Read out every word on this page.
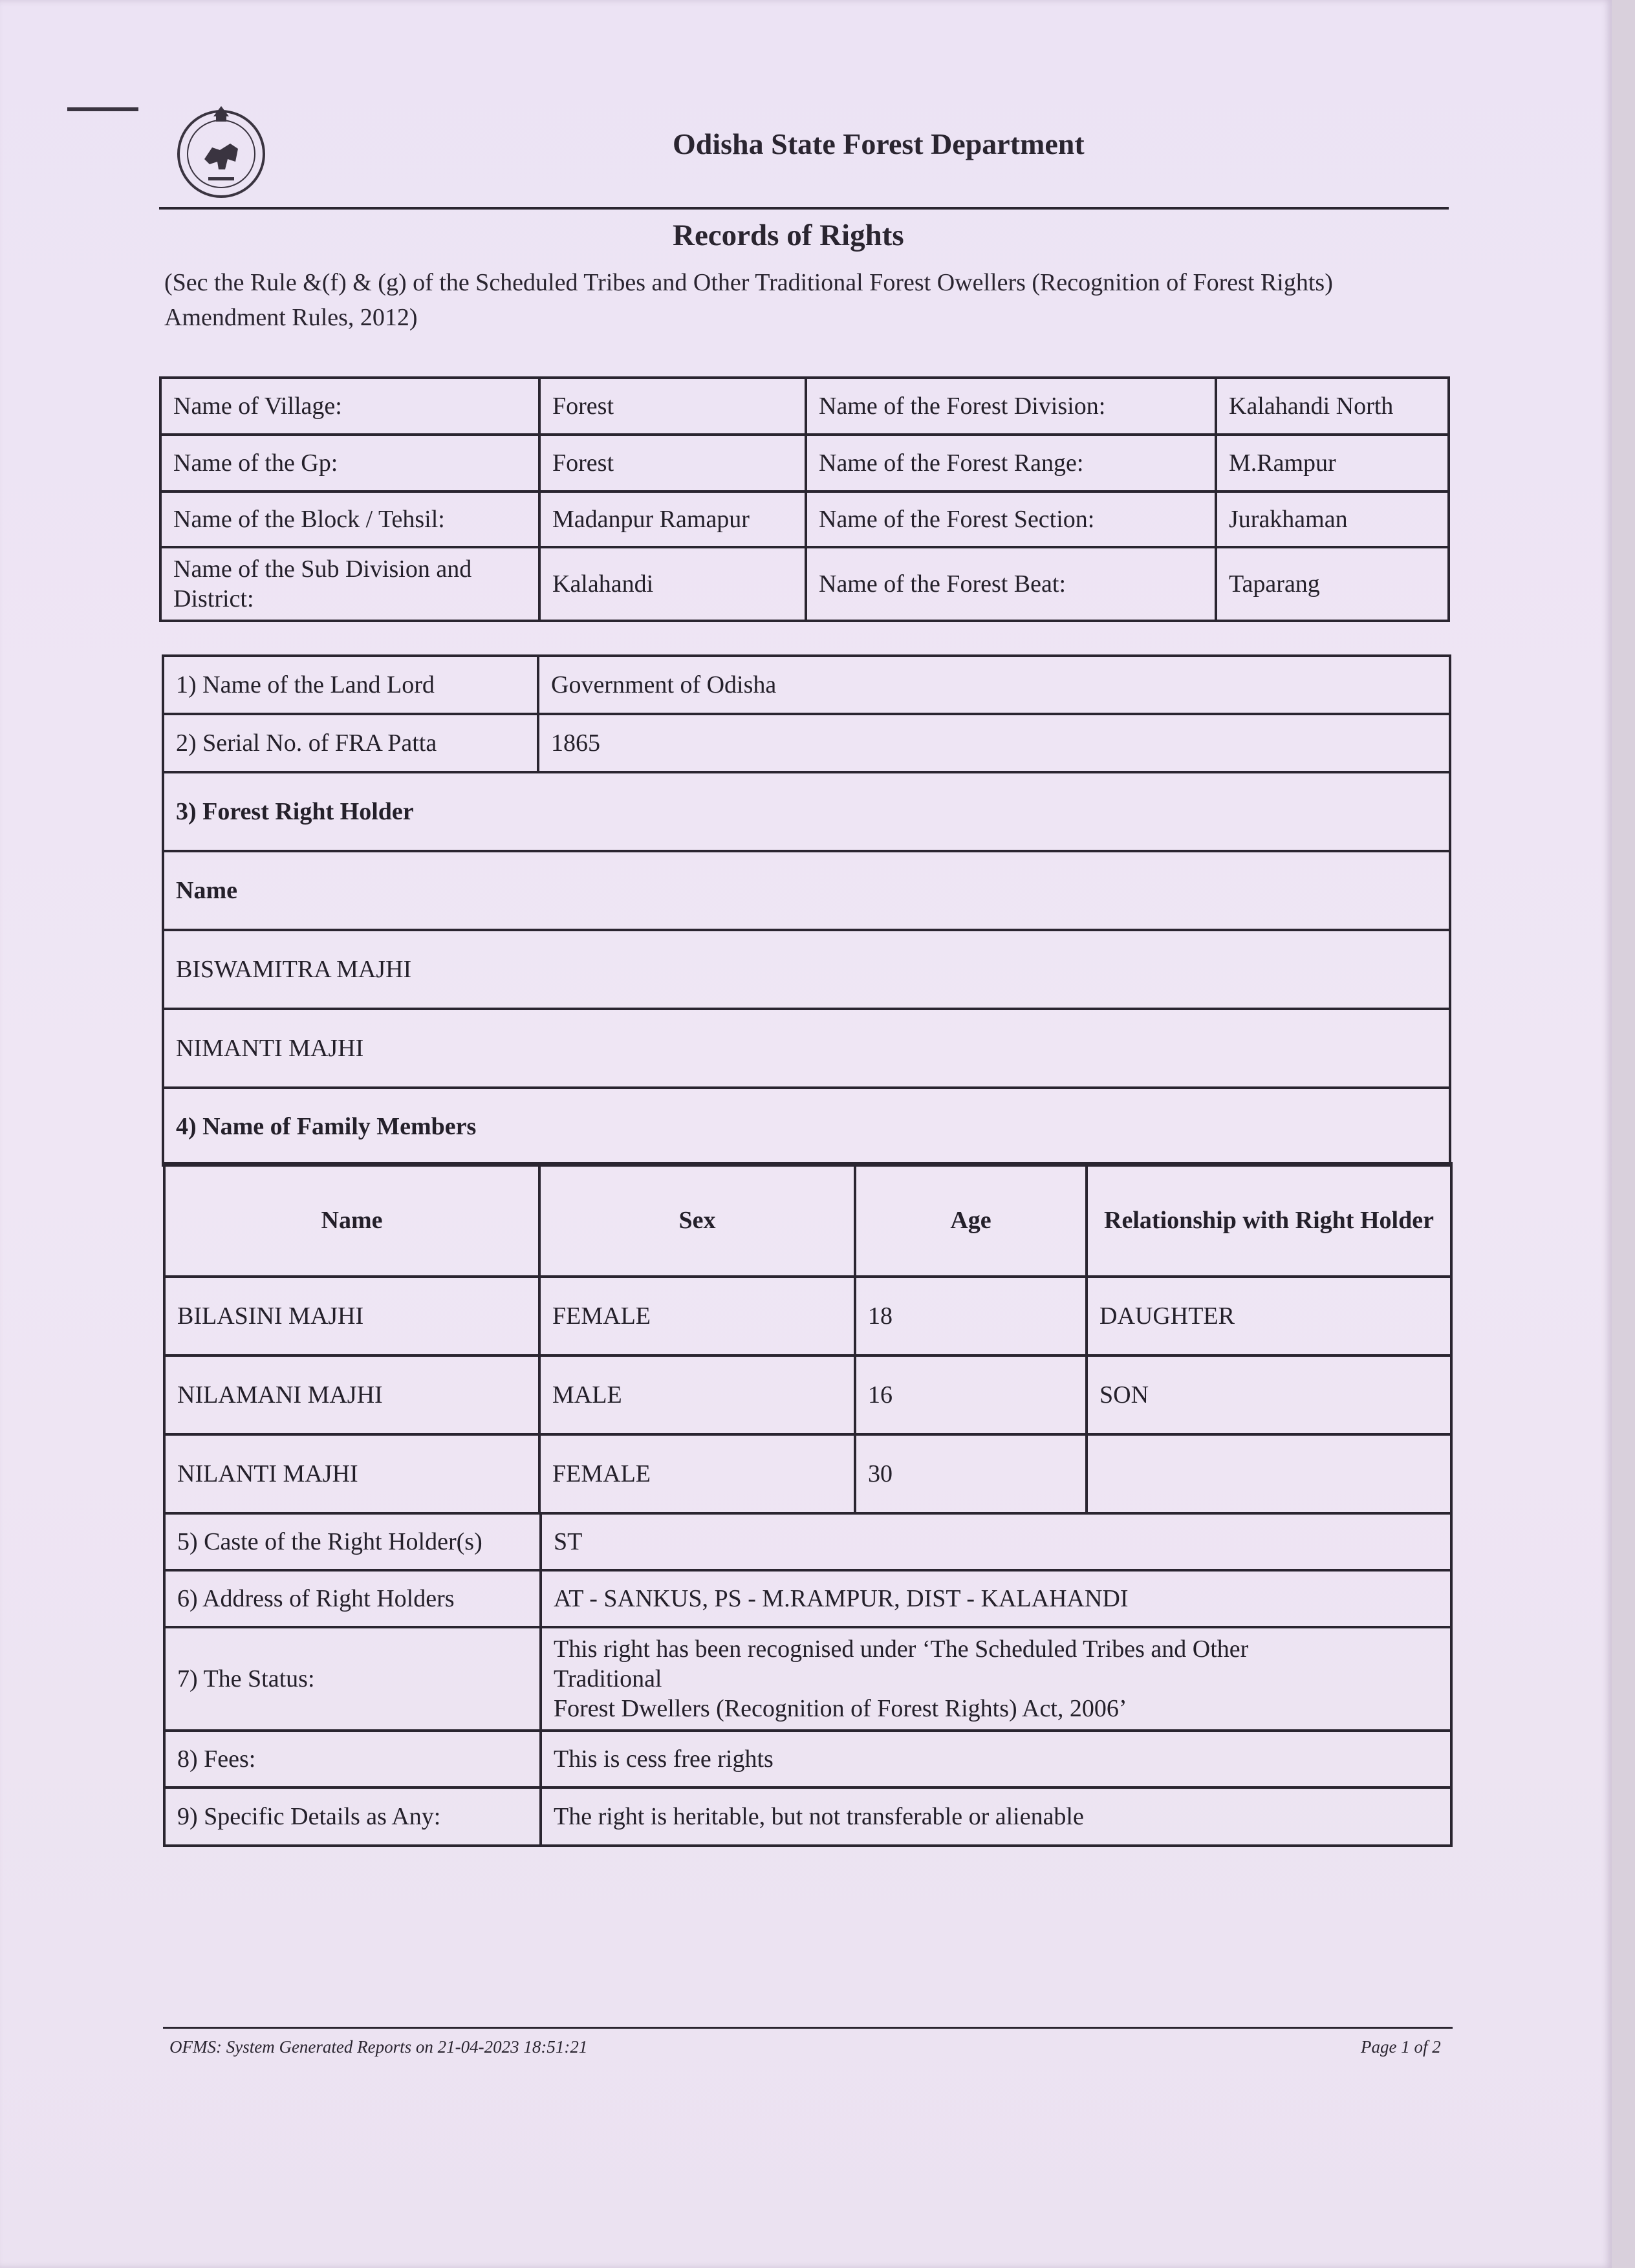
Odisha State Forest Department
Records of Rights
(Sec the Rule &(f) & (g) of the Scheduled Tribes and Other Traditional Forest Owellers (Recognition of Forest Rights) Amendment Rules, 2012)
Name of Village:	Forest	Name of the Forest Division:	Kalahandi North
Name of the Gp:	Forest	Name of the Forest Range:	M.Rampur
Name of the Block / Tehsil:	Madanpur Ramapur	Name of the Forest Section:	Jurakhaman
Name of the Sub Division and District:	Kalahandi	Name of the Forest Beat:	Taparang
1) Name of the Land Lord	Government of Odisha
2) Serial No. of FRA Patta	1865
3) Forest Right Holder	
Name	
BISWAMITRA MAJHI	
NIMANTI MAJHI	
4) Name of Family Members	
Name	Sex	Age	Relationship with Right Holder
BILASINI MAJHI	FEMALE	18	DAUGHTER
NILAMANI MAJHI	MALE	16	SON
NILANTI MAJHI	FEMALE	30	
5) Caste of the Right Holder(s)	ST
6) Address of Right Holders	AT - SANKUS, PS - M.RAMPUR, DIST - KALAHANDI
7) The Status:	This right has been recognised under ‘The Scheduled Tribes and Other
Traditional
Forest Dwellers (Recognition of Forest Rights) Act, 2006’

8) Fees:	This is cess free rights
9) Specific Details as Any:	The right is heritable, but not transferable or alienable
OFMS: System Generated Reports on 21-04-2023 18:51:21	Page 1 of 2
